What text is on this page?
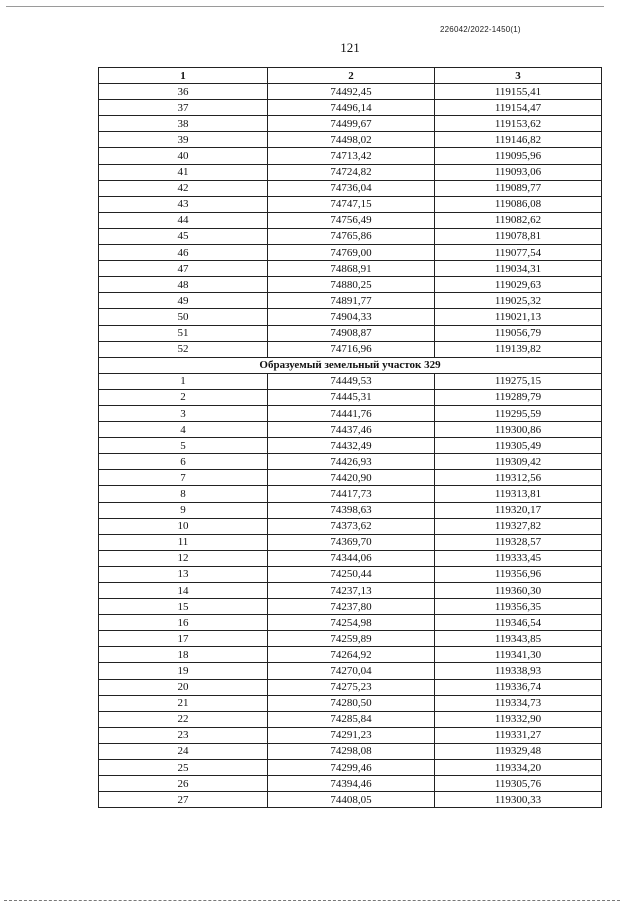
226042/2022-1450(1)
121
1	2	3
36	74492,45	119155,41
37	74496,14	119154,47
38	74499,67	119153,62
39	74498,02	119146,82
40	74713,42	119095,96
41	74724,82	119093,06
42	74736,04	119089,77
43	74747,15	119086,08
44	74756,49	119082,62
45	74765,86	119078,81
46	74769,00	119077,54
47	74868,91	119034,31
48	74880,25	119029,63
49	74891,77	119025,32
50	74904,33	119021,13
51	74908,87	119056,79
52	74716,96	119139,82
Образуемый земельный участок 329		
1	74449,53	119275,15
2	74445,31	119289,79
3	74441,76	119295,59
4	74437,46	119300,86
5	74432,49	119305,49
6	74426,93	119309,42
7	74420,90	119312,56
8	74417,73	119313,81
9	74398,63	119320,17
10	74373,62	119327,82
11	74369,70	119328,57
12	74344,06	119333,45
13	74250,44	119356,96
14	74237,13	119360,30
15	74237,80	119356,35
16	74254,98	119346,54
17	74259,89	119343,85
18	74264,92	119341,30
19	74270,04	119338,93
20	74275,23	119336,74
21	74280,50	119334,73
22	74285,84	119332,90
23	74291,23	119331,27
24	74298,08	119329,48
25	74299,46	119334,20
26	74394,46	119305,76
27	74408,05	119300,33
